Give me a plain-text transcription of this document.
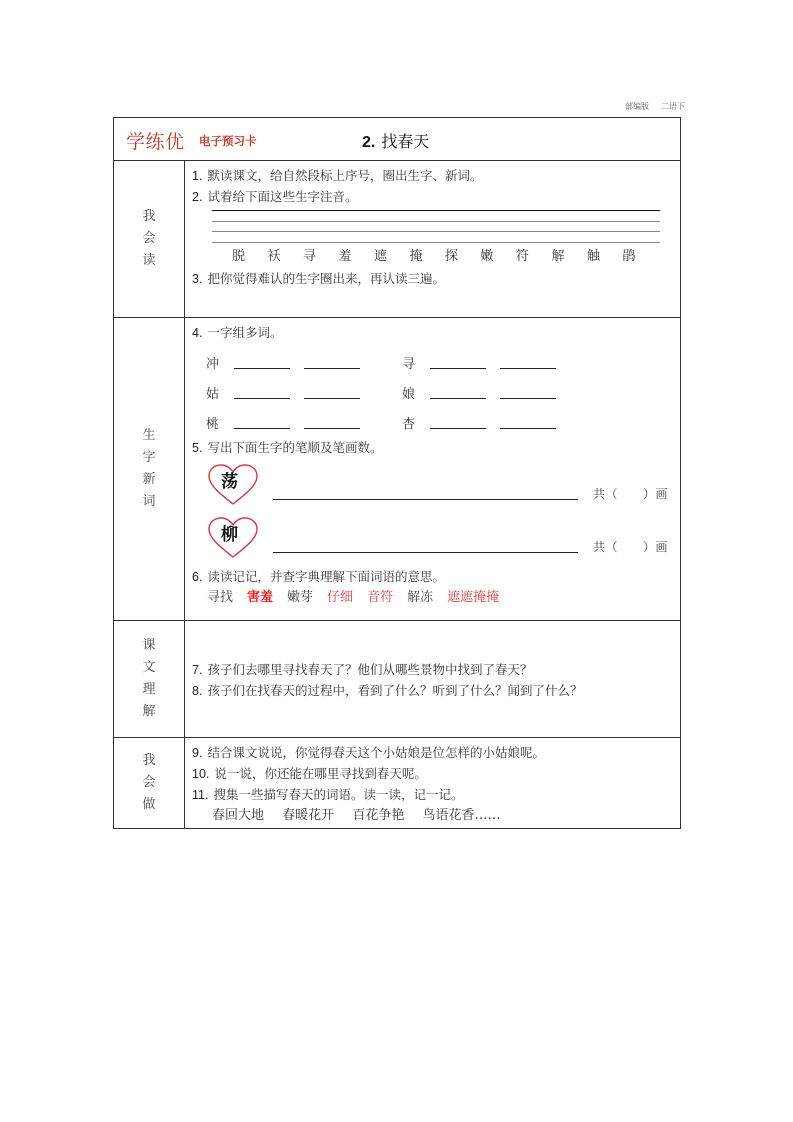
部编版 二语下
学练优 电子预习卡	2. 找春天
我
会
读
1. 默读课文，给自然段标上序号，圈出生字、新词。
2. 试着给下面这些生字注音。
脱	袄	寻	羞	遮	掩	探	嫩	符	解	触	鹃
3. 把你觉得难认的生字圈出来，再认读三遍。
生
字
新
词
4. 一字组多词。
冲	寻
姑	娘
桃	杏
5. 写出下面生字的笔顺及笔画数。
荡
共（　　）画
柳
共（　　）画
6. 读读记记，并查字典理解下面词语的意思。
寻找 害羞 嫩芽 仔细 音符 解冻 遮遮掩掩
课
文
理
解
7. 孩子们去哪里寻找春天了？他们从哪些景物中找到了春天？
8. 孩子们在找春天的过程中，看到了什么？听到了什么？闻到了什么？
我
会
做
9. 结合课文说说，你觉得春天这个小姑娘是位怎样的小姑娘呢。
10. 说一说，你还能在哪里寻找到春天呢。
11. 搜集一些描写春天的词语。读一读，记一记。
春回大地 春暖花开 百花争艳 鸟语花香……
